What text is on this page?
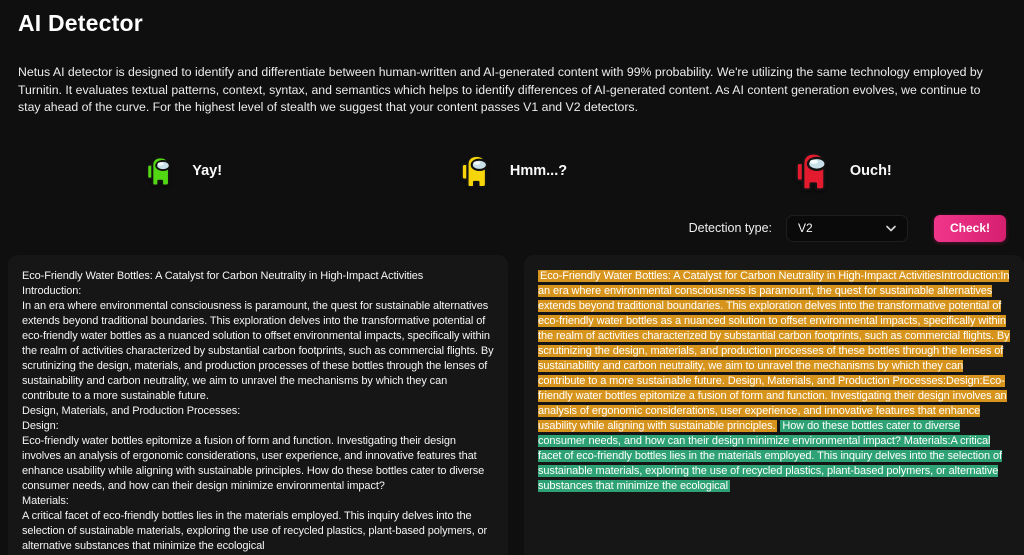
AI Detector

Netus AI detector is designed to identify and differentiate between human-written and AI-generated content with 99% probability. We're utilizing the same technology employed by Turnitin. It evaluates textual patterns, context, syntax, and semantics which helps to identify differences of AI-generated content. As AI content generation evolves, we continue to stay ahead of the curve. For the highest level of stealth we suggest that your content passes V1 and V2 detectors.

Yay!	Hmm...?	Ouch!
Detection type: V2	Check!
Eco-Friendly Water Bottles: A Catalyst for Carbon Neutrality in High-Impact Activities
Introduction:
In an era where environmental consciousness is paramount, the quest for sustainable alternatives extends beyond traditional boundaries. This exploration delves into the transformative potential of eco-friendly water bottles as a nuanced solution to offset environmental impacts, specifically within the realm of activities characterized by substantial carbon footprints, such as commercial flights. By scrutinizing the design, materials, and production processes of these bottles through the lenses of sustainability and carbon neutrality, we aim to unravel the mechanisms by which they can contribute to a more sustainable future.
Design, Materials, and Production Processes:
Design:
Eco-friendly water bottles epitomize a fusion of form and function. Investigating their design involves an analysis of ergonomic considerations, user experience, and innovative features that enhance usability while aligning with sustainable principles. How do these bottles cater to diverse consumer needs, and how can their design minimize environmental impact?
Materials:
A critical facet of eco-friendly bottles lies in the materials employed. This inquiry delves into the selection of sustainable materials, exploring the use of recycled plastics, plant-based polymers, or alternative substances that minimize the ecological
Eco-Friendly Water Bottles: A Catalyst for Carbon Neutrality in High-Impact ActivitiesIntroduction:In an era where environmental consciousness is paramount, the quest for sustainable alternatives extends beyond traditional boundaries. This exploration delves into the transformative potential of eco-friendly water bottles as a nuanced solution to offset environmental impacts, specifically within the realm of activities characterized by substantial carbon footprints, such as commercial flights. By scrutinizing the design, materials, and production processes of these bottles through the lenses of sustainability and carbon neutrality, we aim to unravel the mechanisms by which they can contribute to a more sustainable future. Design, Materials, and Production Processes:Design:Eco-friendly water bottles epitomize a fusion of form and function. Investigating their design involves an analysis of ergonomic considerations, user experience, and innovative features that enhance usability while aligning with sustainable principles. How do these bottles cater to diverse consumer needs, and how can their design minimize environmental impact? Materials:A critical facet of eco-friendly bottles lies in the materials employed. This inquiry delves into the selection of sustainable materials, exploring the use of recycled plastics, plant-based polymers, or alternative substances that minimize the ecological
